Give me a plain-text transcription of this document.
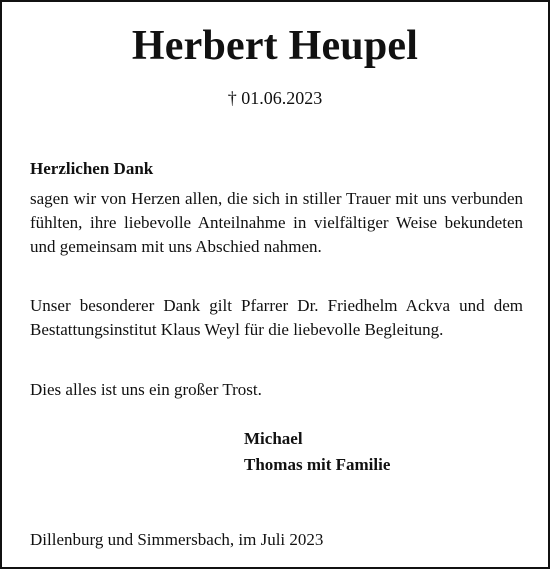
Herbert Heupel
† 01.06.2023
Herzlichen Dank
sagen wir von Herzen allen, die sich in stiller Trauer mit uns verbunden fühlten, ihre liebevolle Anteilnahme in vielfältiger Weise bekundeten und gemeinsam mit uns Abschied nahmen.
Unser besonderer Dank gilt Pfarrer Dr. Friedhelm Ackva und dem Bestattungsinstitut Klaus Weyl für die liebevolle Begleitung.
Dies alles ist uns ein großer Trost.
Michael
Thomas mit Familie
Dillenburg und Simmersbach, im Juli 2023
